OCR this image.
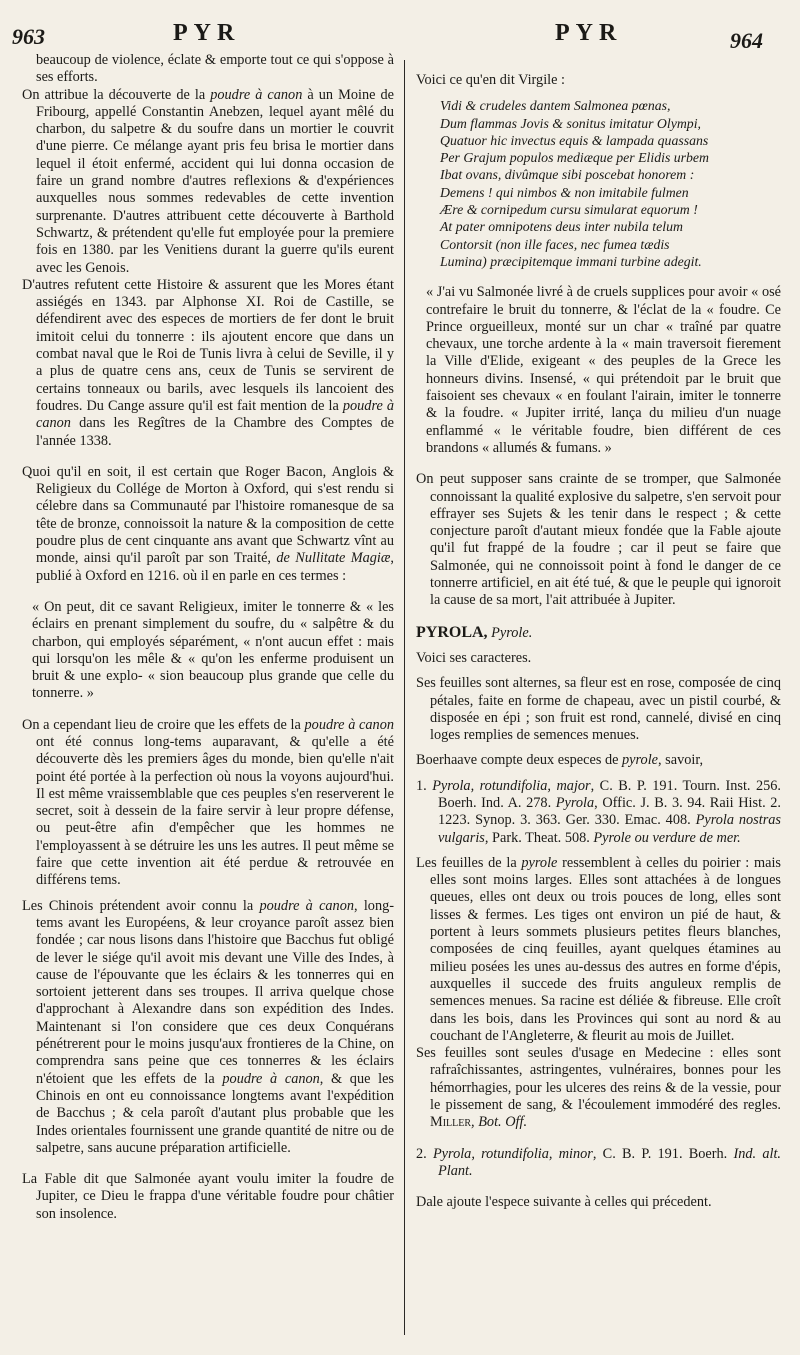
963	PYR	PYR	964

beaucoup de violence, éclate & emporte tout ce qui s'oppose à ses efforts.

On attribue la découverte de la poudre à canon à un Moine de Fribourg, appellé Constantin Anebzen, lequel ayant mêlé du charbon, du salpetre & du soufre dans un mortier le couvrit d'une pierre. Ce mélange ayant pris feu brisa le mortier dans lequel il étoit enfermé, accident qui lui donna occasion de faire un grand nombre d'autres reflexions & d'expériences auxquelles nous sommes redevables de cette invention surprenante. D'autres attribuent cette découverte à Barthold Schwartz, & prétendent qu'elle fut employée pour la premiere fois en 1380. par les Venitiens durant la guerre qu'ils eurent avec les Genois.

D'autres refutent cette Histoire & assurent que les Mores étant assiégés en 1343. par Alphonse XI. Roi de Castille, se défendirent avec des especes de mortiers de fer dont le bruit imitoit celui du tonnerre : ils ajoutent encore que dans un combat naval que le Roi de Tunis livra à celui de Seville, il y a plus de quatre cens ans, ceux de Tunis se servirent de certains tonneaux ou barils, avec lesquels ils lancoient des foudres. Du Cange assure qu'il est fait mention de la poudre à canon dans les Regîtres de la Chambre des Comptes de l'année 1338.

Quoi qu'il en soit, il est certain que Roger Bacon, Anglois & Religieux du Collége de Morton à Oxford, qui s'est rendu si célebre dans sa Communauté par l'histoire romanesque de sa tête de bronze, connoissoit la nature & la composition de cette poudre plus de cent cinquante ans avant que Schwartz vînt au monde, ainsi qu'il paroît par son Traité, de Nullitate Magiæ, publié à Oxford en 1216. où il en parle en ces termes :

« On peut, dit ce savant Religieux, imiter le tonnerre & « les éclairs en prenant simplement du soufre, du « salpêtre & du charbon, qui employés séparément, « n'ont aucun effet : mais qui lorsqu'on les mêle & « qu'on les enferme produisent un bruit & une explo- « sion beaucoup plus grande que celle du tonnerre. »

On a cependant lieu de croire que les effets de la poudre à canon ont été connus long-tems auparavant, & qu'elle a été découverte dès les premiers âges du monde, bien qu'elle n'ait point été portée à la perfection où nous la voyons aujourd'hui. Il est même vraissemblable que ces peuples s'en reserverent le secret, soit à dessein de la faire servir à leur propre défense, ou peut-être afin d'empêcher que les hommes ne l'employassent à se détruire les uns les autres. Il peut même se faire que cette invention ait été perdue & retrouvée en différens tems.

Les Chinois prétendent avoir connu la poudre à canon, long-tems avant les Européens, & leur croyance paroît assez bien fondée ; car nous lisons dans l'histoire que Bacchus fut obligé de lever le siége qu'il avoit mis devant une Ville des Indes, à cause de l'épouvante que les éclairs & les tonnerres qui en sortoient jetterent dans ses troupes. Il arriva quelque chose d'approchant à Alexandre dans son expédition des Indes. Maintenant si l'on considere que ces deux Conquérans pénétrerent pour le moins jusqu'aux frontieres de la Chine, on comprendra sans peine que ces tonnerres & les éclairs n'étoient que les effets de la poudre à canon, & que les Chinois en ont eu connoissance longtems avant l'expédition de Bacchus ; & cela paroît d'autant plus probable que les Indes orientales fournissent une grande quantité de nitre ou de salpetre, sans aucune préparation artificielle.

La Fable dit que Salmonée ayant voulu imiter la foudre de Jupiter, ce Dieu le frappa d'une véritable foudre pour châtier son insolence.

Voici ce qu'en dit Virgile :

Vidi & crudeles dantem Salmonea pœnas,
Dum flammas Jovis & sonitus imitatur Olympi,
Quatuor hic invectus equis & lampada quassans
Per Grajum populos mediæque per Elidis urbem
Ibat ovans, divûmque sibi poscebat honorem :
Demens ! qui nimbos & non imitabile fulmen
Ære & cornipedum cursu simularat equorum !
At pater omnipotens deus inter nubila telum
Contorsit (non ille faces, nec fumea tædis
Lumina) præcipitemque immani turbine adegit.

« J'ai vu Salmonée livré à de cruels supplices pour avoir « osé contrefaire le bruit du tonnerre, & l'éclat de la « foudre. Ce Prince orgueilleux, monté sur un char « traîné par quatre chevaux, une torche ardente à la « main traversoit fierement la Ville d'Elide, exigeant « des peuples de la Grece les honneurs divins. Insensé, « qui prétendoit par le bruit que faisoient ses chevaux « en foulant l'airain, imiter le tonnerre & la foudre. « Jupiter irrité, lança du milieu d'un nuage enflammé « le véritable foudre, bien différent de ces brandons « allumés & fumans. »

On peut supposer sans crainte de se tromper, que Salmonée connoissant la qualité explosive du salpetre, s'en servoit pour effrayer ses Sujets & les tenir dans le respect ; & cette conjecture paroît d'autant mieux fondée que la Fable ajoute qu'il fut frappé de la foudre ; car il peut se faire que Salmonée, qui ne connoissoit point à fond le danger de ce tonnerre artificiel, en ait été tué, & que le peuple qui ignoroit la cause de sa mort, l'ait attribuée à Jupiter.

PYROLA, Pyrole.

Voici ses caracteres.

Ses feuilles sont alternes, sa fleur est en rose, composée de cinq pétales, faite en forme de chapeau, avec un pistil courbé, & disposée en épi ; son fruit est rond, cannelé, divisé en cinq loges remplies de semences menues.

Boerhaave compte deux especes de pyrole, savoir,

1. Pyrola, rotundifolia, major, C. B. P. 191. Tourn. Inst. 256. Boerh. Ind. A. 278. Pyrola, Offic. J. B. 3. 94. Raii Hist. 2. 1223. Synop. 3. 363. Ger. 330. Emac. 408. Pyrola nostras vulgaris, Park. Theat. 508. Pyrole ou verdure de mer.

Les feuilles de la pyrole ressemblent à celles du poirier : mais elles sont moins larges. Elles sont attachées à de longues queues, elles ont deux ou trois pouces de long, elles sont lisses & fermes. Les tiges ont environ un pié de haut, & portent à leurs sommets plusieurs petites fleurs blanches, composées de cinq feuilles, ayant quelques étamines au milieu posées les unes au-dessus des autres en forme d'épis, auxquelles il succede des fruits anguleux remplis de semences menues. Sa racine est déliée & fibreuse. Elle croît dans les bois, dans les Provinces qui sont au nord & au couchant de l'Angleterre, & fleurit au mois de Juillet.

Ses feuilles sont seules d'usage en Medecine : elles sont rafraîchissantes, astringentes, vulnéraires, bonnes pour les hémorrhagies, pour les ulceres des reins & de la vessie, pour le pissement de sang, & l'écoulement immodéré des regles. Miller, Bot. Off.

2. Pyrola, rotundifolia, minor, C. B. P. 191. Boerh. Ind. alt. Plant.

Dale ajoute l'espece suivante à celles qui précedent.
